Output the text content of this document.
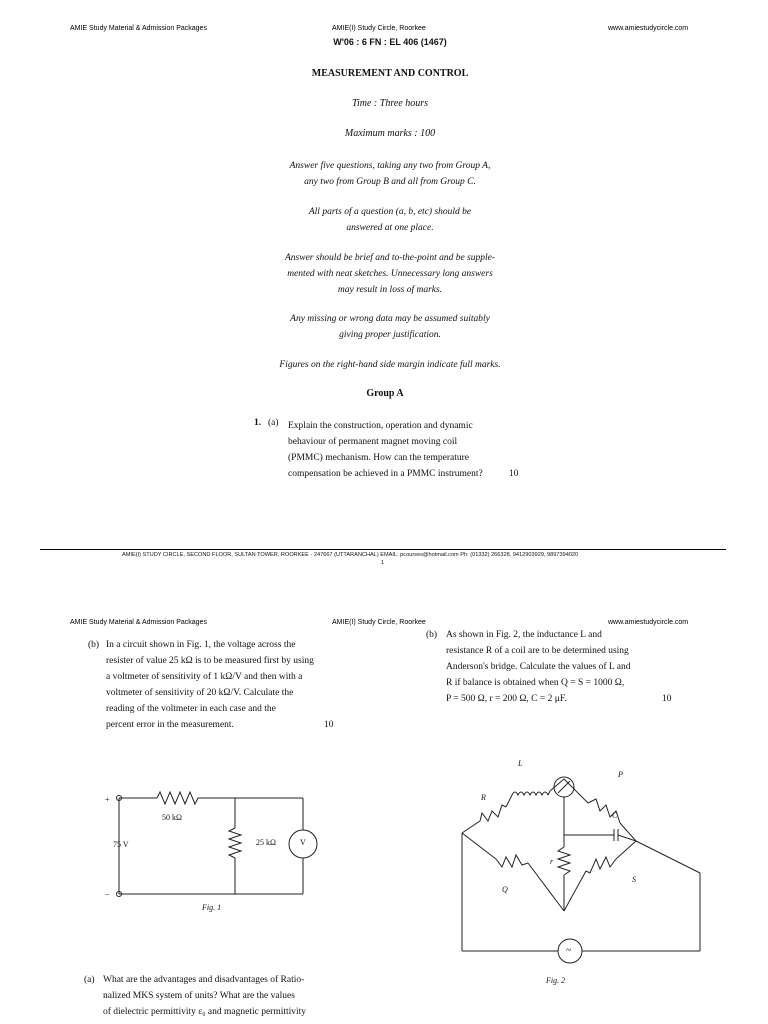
AMIE Study Material & Admission Packages	AMIE(I) Study Circle, Roorkee	www.amiestudycircle.com
W'06 : 6 FN : EL 406 (1467)
MEASUREMENT AND CONTROL
Time : Three hours
Maximum marks : 100
Answer five questions, taking any two from Group A,
any two from Group B and all from Group C.
All parts of a question (a, b, etc) should be
answered at one place.
Answer should be brief and to-the-point and be supple-
mented with neat sketches. Unnecessary long answers
may result in loss of marks.
Any missing or wrong data may be assumed suitably
giving proper justification.
Figures on the right-hand side margin indicate full marks.
Group A
1. (a) Explain the construction, operation and dynamic
behaviour of permanent magnet moving coil
(PMMC) mechanism. How can the temperature
compensation be achieved in a PMMC instrument?	10
AMIE(I) STUDY CIRCLE, SECOND FLOOR, SULTAN TOWER, ROORKEE - 247667 (UTTARANCHAL) EMAIL: pcourses@hotmail.com Ph: (01332) 266328, 9412903929, 9897394020
1
AMIE Study Material & Admission Packages	AMIE(I) Study Circle, Roorkee	www.amiestudycircle.com
(b) In a circuit shown in Fig. 1, the voltage across the
resister of value 25 kΩ is to be measured first by using
a voltmeter of sensitivity of 1 kΩ/V and then with a
voltmeter of sensitivity of 20 kΩ/V. Calculate the
reading of the voltmeter in each case and the
percent error in the measurement.	10
50 kΩ
25 kΩ	V
75 V
+
–
Fig. 1
(a) What are the advantages and disadvantages of Ratio-
nalized MKS system of units? What are the values
of dielectric permittivity ε₀ and magnetic permittivity
(b) As shown in Fig. 2, the inductance L and
resistance R of a coil are to be determined using
Anderson's bridge. Calculate the values of L and
R if balance is obtained when Q = S = 1000 Ω,
P = 500 Ω, r = 200 Ω, C = 2 μF.	10
L
P
R
C
r
Q
S
~
Fig. 2
